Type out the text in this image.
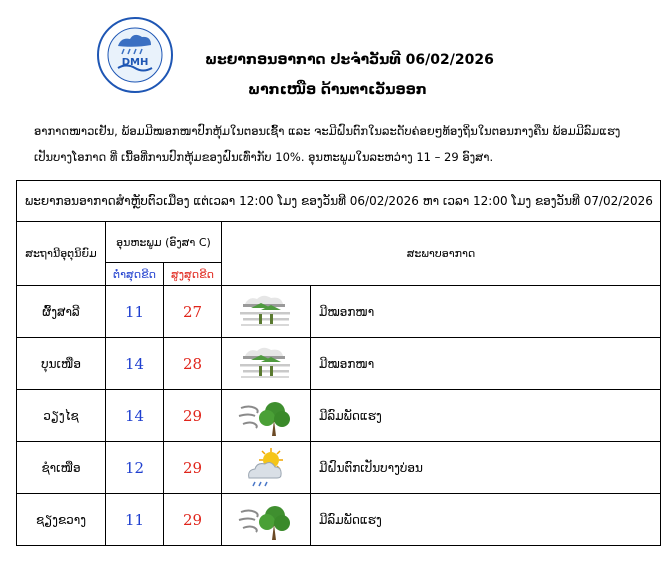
DMH	ພະຍາກອນອາກາດ ປະຈຳວັນທີ 06/02/2026
ພາກເໜືອ ດ້ານຕາເວັນອອກ
ອາກາດໜາວເຢັນ, ພ້ອມມີໝອກໜາປົກຫຸ້ມໃນຕອນເຊົ້າ ແລະ ຈະມີຝົນຕົກໃນລະດັບຄ່ອຍໆທ້ອງຖິ່ນໃນຕອນກາງຄືນ ພ້ອມມີລົມແຮງ
ເປັນບາງໂອກາດ ທີ່ ເນື້ອທີ່ການປົກຫຸ້ມຂອງຝົນເທົ່າກັບ 10%. ອຸນຫະພູມໃນລະຫວ່າງ 11 – 29 ອົງສາ.
ພະຍາກອນອາກາດສຳຫຼັບຕົວເມືອງ ແຕ່ເວລາ 12:00 ໂມງ ຂອງວັນທີ 06/02/2026 ຫາ ເວລາ 12:00 ໂມງ ຂອງວັນທີ 07/02/2026				
ສະຖານີອຸຕຸນິຍົມ	ອຸນຫະພູມ (ອົງສາ C)		ສະພາບອາກາດ	
	ຕ່ຳສຸດຂີດ	ສູງສຸດຂີດ		
ຜົ້ງສາລີ	11	27		ມີໝອກໜາ
ບຸນເໜືອ	14	28		ມີໝອກໜາ
ວຽງໄຊ	14	29		ມີລົມພັດແຮງ
ຊຳເໜືອ	12	29		ມີຝົນຕົກເປັນບາງບ່ອນ
ຊຽງຂວາງ	11	29		ມີລົມພັດແຮງ
